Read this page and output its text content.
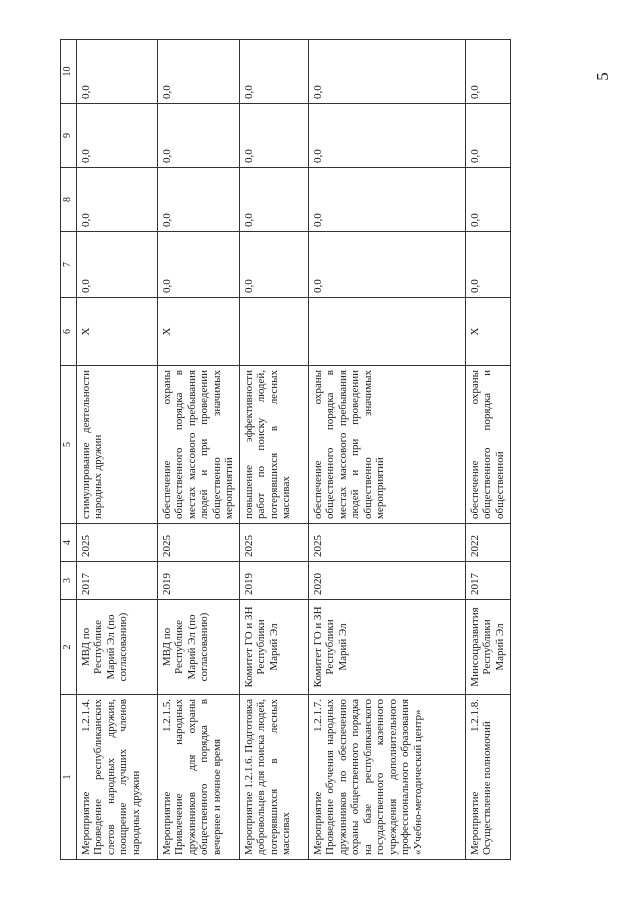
5
1	2	3	4	5	6	7	8	9	10
Мероприятие 1.2.1.4. Проведение республиканских слетов народных дружин, поощрение лучших членов народных дружин	МВД по Республике Марий Эл (по согласованию)	2017	2025	стимулирование деятельности народных дружин	X	0,0	0,0	0,0	0,0
Мероприятие 1.2.1.5. Привлечение народных дружинников для охраны общественного порядка в вечернее и ночное время	МВД по Республике Марий Эл (по согласованию)	2019	2025	обеспечение охраны общественного порядка в местах массового пребывания людей и при проведении общественно значимых мероприятий	X	0,0	0,0	0,0	0,0
Мероприятие 1.2.1.6. Подготовка добровольцев для поиска людей, потерявшихся в лесных массивах	Комитет ГО и ЗН Республики Марий Эл	2019	2025	повышение эффективности работ по поиску людей, потерявшихся в лесных массивах		0,0	0,0	0,0	0,0
Мероприятие 1.2.1.7. Проведение обучения народных дружинников по обеспечению охраны общественного порядка на базе республиканского государственного казенного учреждения дополнительного профессионального образования «Учебно-методический центр»	Комитет ГО и ЗН Республики Марий Эл	2020	2025	обеспечение охраны общественного порядка в местах массового пребывания людей и при проведении общественно значимых мероприятий		0,0	0,0	0,0	0,0
Мероприятие 1.2.1.8. Осуществление полномочий	Минсоцразвития Республики Марий Эл	2017	2022	обеспечение охраны общественного порядка и общественной	X	0,0	0,0	0,0	0,0
